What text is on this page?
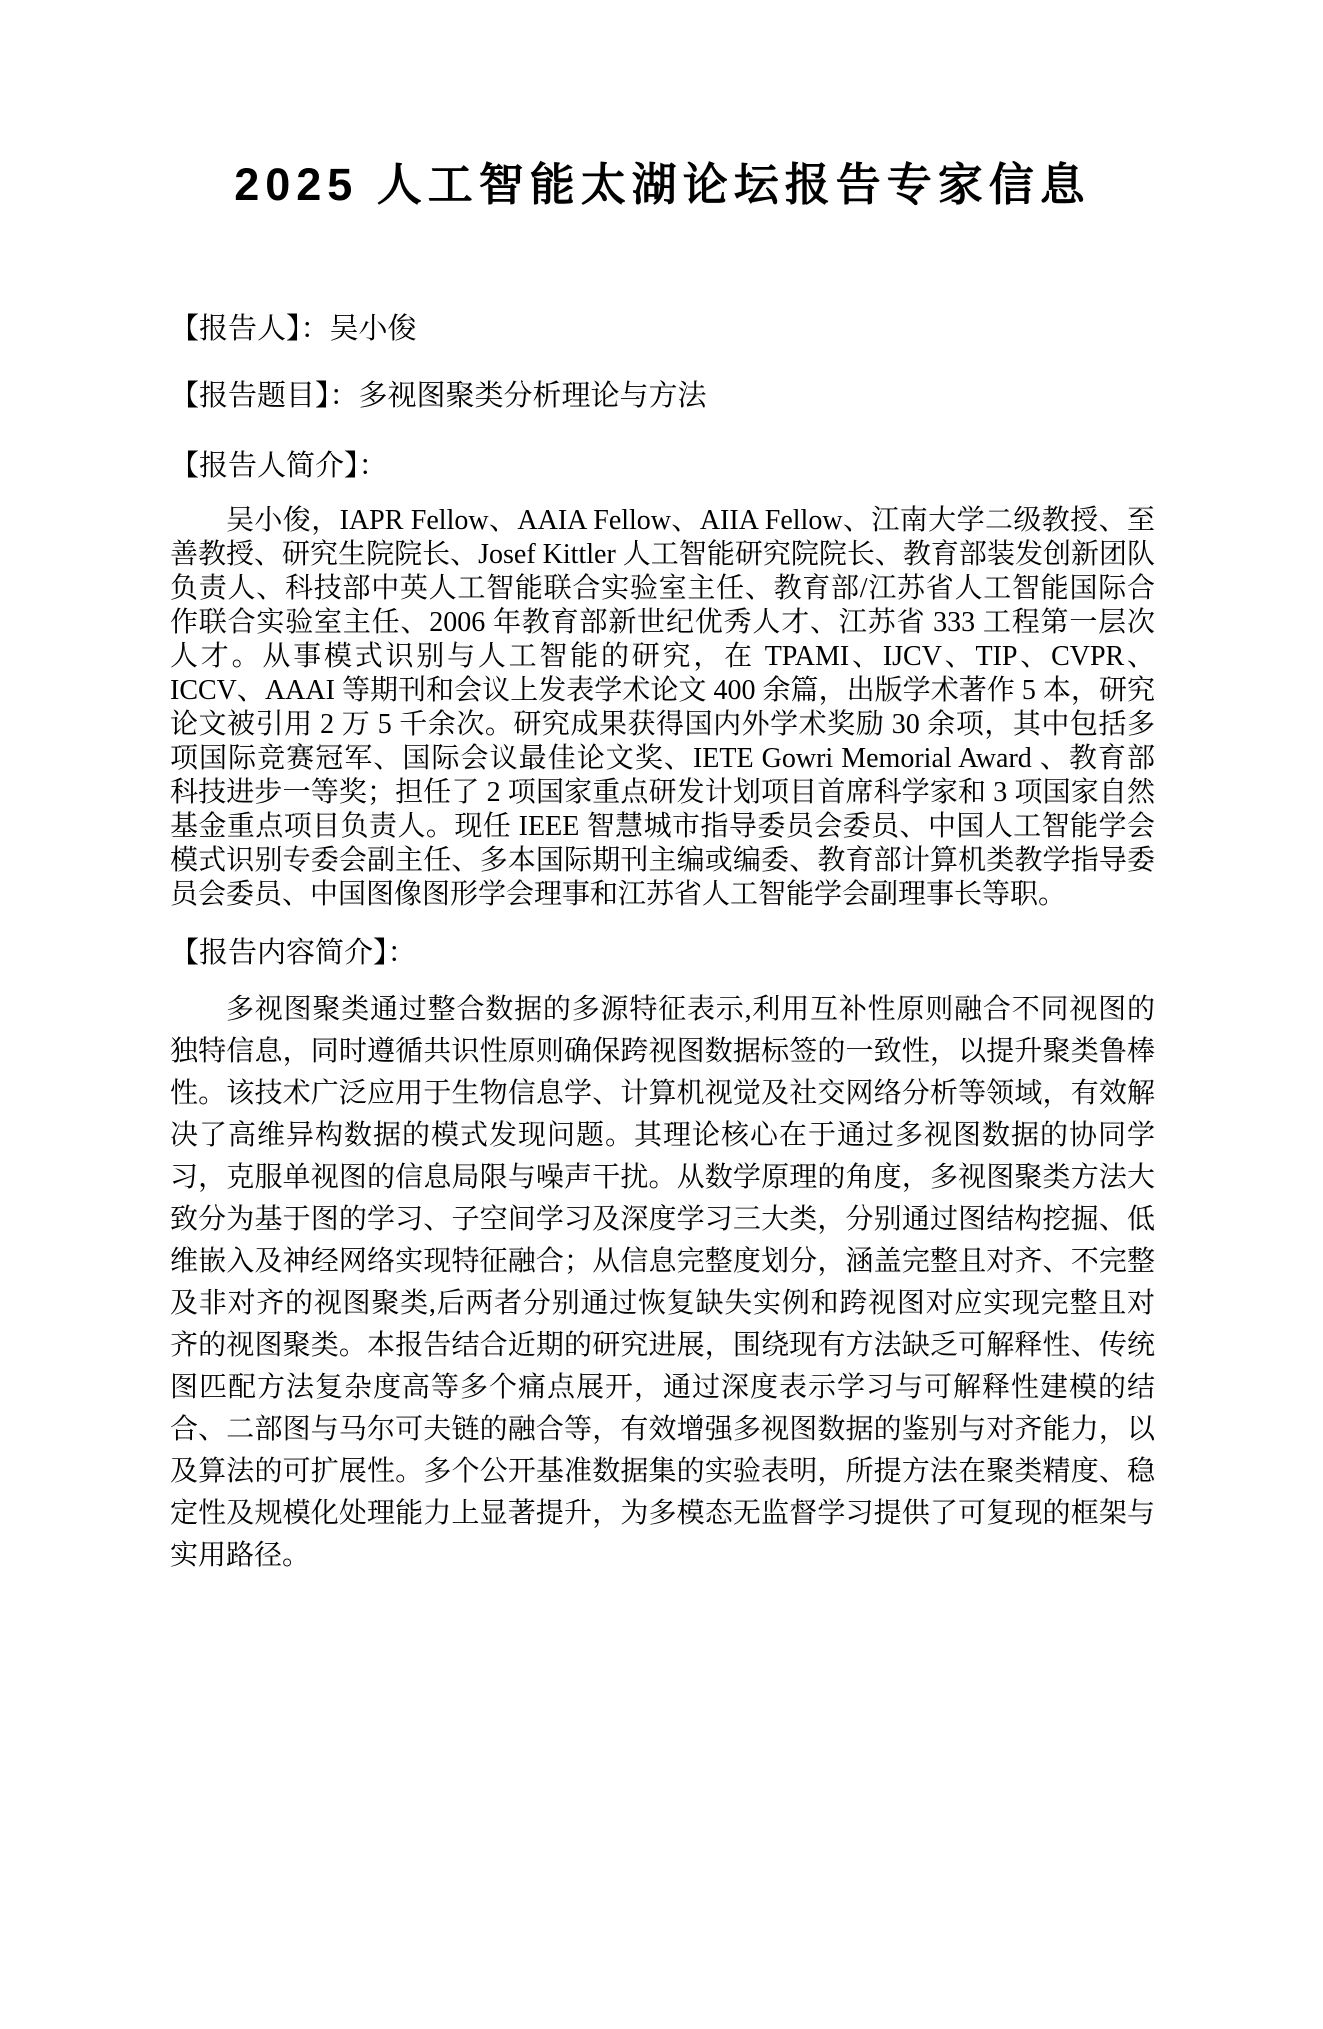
2025 人工智能太湖论坛报告专家信息

【报告人】：吴小俊

【报告题目】：多视图聚类分析理论与方法

【报告人简介】：

吴小俊，IAPR Fellow、AAIA Fellow、AIIA Fellow、江南大学二级教授、至善教授、研究生院院长、Josef Kittler 人工智能研究院院长、教育部装发创新团队负责人、科技部中英人工智能联合实验室主任、教育部/江苏省人工智能国际合作联合实验室主任、2006 年教育部新世纪优秀人才、江苏省 333 工程第一层次人才。从事模式识别与人工智能的研究，在 TPAMI、IJCV、TIP、CVPR、ICCV、AAAI 等期刊和会议上发表学术论文 400 余篇，出版学术著作 5 本，研究论文被引用 2 万 5 千余次。研究成果获得国内外学术奖励 30 余项，其中包括多项国际竞赛冠军、国际会议最佳论文奖、IETE Gowri Memorial Award 、教育部科技进步一等奖；担任了 2 项国家重点研发计划项目首席科学家和 3 项国家自然基金重点项目负责人。现任 IEEE 智慧城市指导委员会委员、中国人工智能学会模式识别专委会副主任、多本国际期刊主编或编委、教育部计算机类教学指导委员会委员、中国图像图形学会理事和江苏省人工智能学会副理事长等职。

【报告内容简介】：

多视图聚类通过整合数据的多源特征表示,利用互补性原则融合不同视图的独特信息，同时遵循共识性原则确保跨视图数据标签的一致性，以提升聚类鲁棒性。该技术广泛应用于生物信息学、计算机视觉及社交网络分析等领域，有效解决了高维异构数据的模式发现问题。其理论核心在于通过多视图数据的协同学习，克服单视图的信息局限与噪声干扰。从数学原理的角度，多视图聚类方法大致分为基于图的学习、子空间学习及深度学习三大类，分别通过图结构挖掘、低维嵌入及神经网络实现特征融合；从信息完整度划分，涵盖完整且对齐、不完整及非对齐的视图聚类,后两者分别通过恢复缺失实例和跨视图对应实现完整且对齐的视图聚类。本报告结合近期的研究进展，围绕现有方法缺乏可解释性、传统图匹配方法复杂度高等多个痛点展开，通过深度表示学习与可解释性建模的结合、二部图与马尔可夫链的融合等，有效增强多视图数据的鉴别与对齐能力，以及算法的可扩展性。多个公开基准数据集的实验表明，所提方法在聚类精度、稳定性及规模化处理能力上显著提升，为多模态无监督学习提供了可复现的框架与实用路径。
